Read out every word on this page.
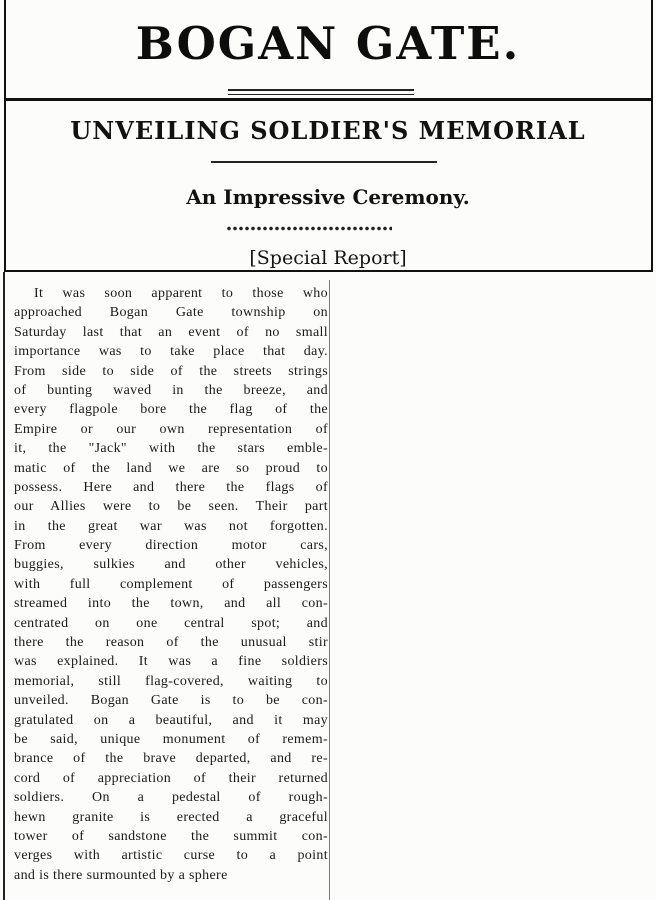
BOGAN GATE.
UNVEILING SOLDIER'S MEMORIAL
An Impressive Ceremony.
[Special Report]
It was soon apparent to those who
approached Bogan Gate township on
Saturday last that an event of no small
importance was to take place that day.
From side to side of the streets strings
of bunting waved in the breeze, and
every flagpole bore the flag of the
Empire or our own representation of
it, the "Jack" with the stars emble-
matic of the land we are so proud to
possess. Here and there the flags of
our Allies were to be seen. Their part
in the great war was not forgotten.
From every direction motor cars,
buggies, sulkies and other vehicles,
with full complement of passengers
streamed into the town, and all con-
centrated on one central spot; and
there the reason of the unusual stir
was explained. It was a fine soldiers
memorial, still flag-covered, waiting to
unveiled. Bogan Gate is to be con-
gratulated on a beautiful, and it may
be said, unique monument of remem-
brance of the brave departed, and re-
cord of appreciation of their returned
soldiers. On a pedestal of rough-
hewn granite is erected a graceful
tower of sandstone the summit con-
verges with artistic curse to a point
and is there surmounted by a sphere
